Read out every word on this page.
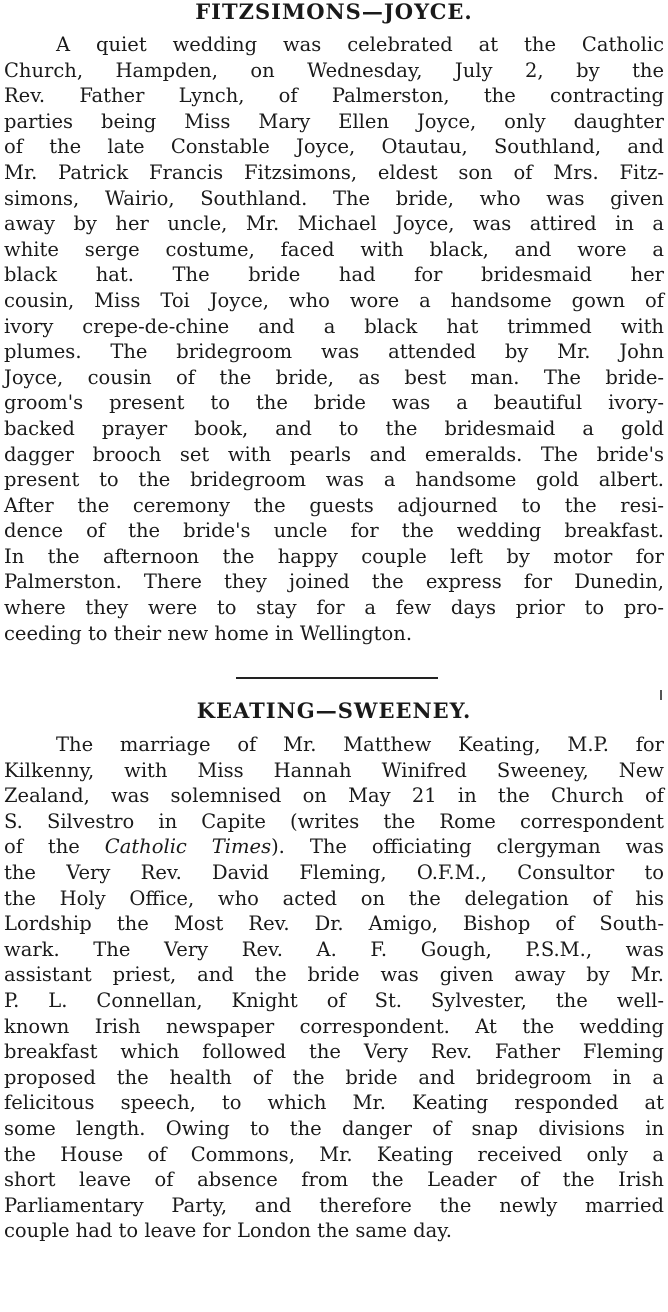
FITZSIMONS—JOYCE.
A quiet wedding was celebrated at the Catholic
Church, Hampden, on Wednesday, July 2, by the
Rev. Father Lynch, of Palmerston, the contracting
parties being Miss Mary Ellen Joyce, only daughter
of the late Constable Joyce, Otautau, Southland, and
Mr. Patrick Francis Fitzsimons, eldest son of Mrs. Fitz-
simons, Wairio, Southland. The bride, who was given
away by her uncle, Mr. Michael Joyce, was attired in a
white serge costume, faced with black, and wore a
black hat. The bride had for bridesmaid her
cousin, Miss Toi Joyce, who wore a handsome gown of
ivory crepe-de-chine and a black hat trimmed with
plumes. The bridegroom was attended by Mr. John
Joyce, cousin of the bride, as best man. The bride-
groom's present to the bride was a beautiful ivory-
backed prayer book, and to the bridesmaid a gold
dagger brooch set with pearls and emeralds. The bride's
present to the bridegroom was a handsome gold albert.
After the ceremony the guests adjourned to the resi-
dence of the bride's uncle for the wedding breakfast.
In the afternoon the happy couple left by motor for
Palmerston. There they joined the express for Dunedin,
where they were to stay for a few days prior to pro-
ceeding to their new home in Wellington.
KEATING—SWEENEY.
The marriage of Mr. Matthew Keating, M.P. for
Kilkenny, with Miss Hannah Winifred Sweeney, New
Zealand, was solemnised on May 21 in the Church of
S. Silvestro in Capite (writes the Rome correspondent
of the Catholic Times). The officiating clergyman was
the Very Rev. David Fleming, O.F.M., Consultor to
the Holy Office, who acted on the delegation of his
Lordship the Most Rev. Dr. Amigo, Bishop of South-
wark. The Very Rev. A. F. Gough, P.S.M., was
assistant priest, and the bride was given away by Mr.
P. L. Connellan, Knight of St. Sylvester, the well-
known Irish newspaper correspondent. At the wedding
breakfast which followed the Very Rev. Father Fleming
proposed the health of the bride and bridegroom in a
felicitous speech, to which Mr. Keating responded at
some length. Owing to the danger of snap divisions in
the House of Commons, Mr. Keating received only a
short leave of absence from the Leader of the Irish
Parliamentary Party, and therefore the newly married
couple had to leave for London the same day.
